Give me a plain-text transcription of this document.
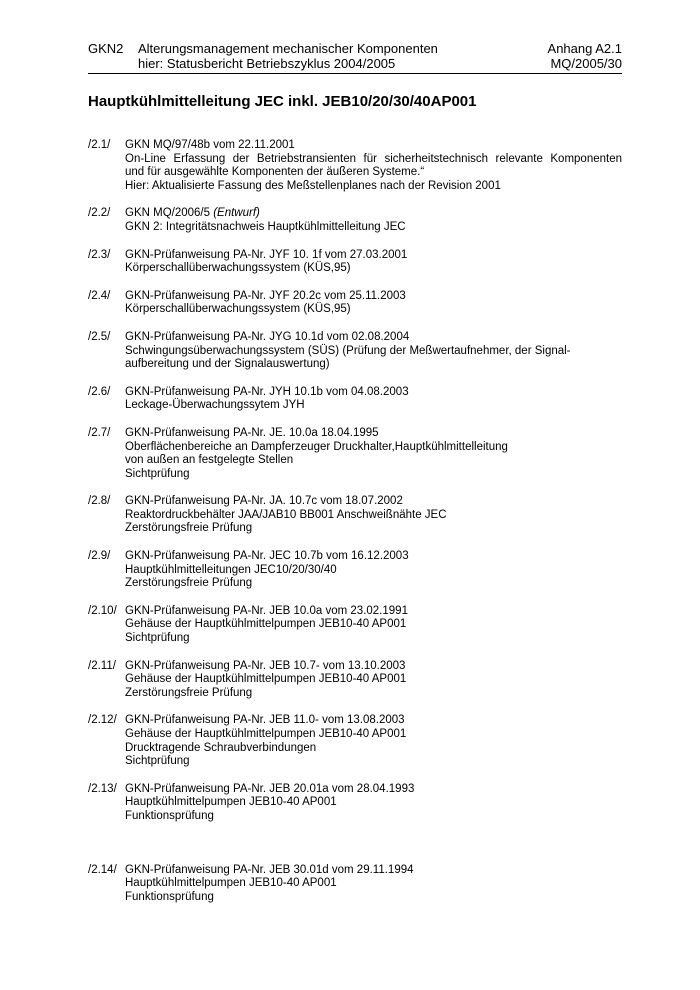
GKN2	Alterungsmanagement mechanischer Komponenten
hier: Statusbericht Betriebszyklus 2004/2005
Anhang A2.1
MQ/2005/30
Hauptkühlmittelleitung JEC inkl. JEB10/20/30/40AP001
/2.1/	GKN MQ/97/48b vom 22.11.2001
On-Line Erfassung der Betriebstransienten für sicherheitstechnisch relevante Komponenten
und für ausgewählte Komponenten der äußeren Systeme.“
Hier: Aktualisierte Fassung des Meßstellenplanes nach der Revision 2001
/2.2/	GKN MQ/2006/5 (Entwurf)
GKN 2: Integritätsnachweis Hauptkühlmittelleitung JEC
/2.3/	GKN-Prüfanweisung PA-Nr. JYF 10. 1f vom 27.03.2001
Körperschallüberwachungssystem (KÜS,95)
/2.4/	GKN-Prüfanweisung PA-Nr. JYF 20.2c vom 25.11.2003
Körperschallüberwachungssystem (KÜS,95)
/2.5/	GKN-Prüfanweisung PA-Nr. JYG 10.1d vom 02.08.2004
Schwingungsüberwachungssystem (SÜS) (Prüfung der Meßwertaufnehmer, der Signal-
aufbereitung und der Signalauswertung)
/2.6/	GKN-Prüfanweisung PA-Nr. JYH 10.1b vom 04.08.2003
Leckage-Überwachungssytem JYH
/2.7/	GKN-Prüfanweisung PA-Nr. JE. 10.0a 18.04.1995
Oberflächenbereiche an Dampferzeuger Druckhalter,Hauptkühlmittelleitung
von außen an festgelegte Stellen
Sichtprüfung
/2.8/	GKN-Prüfanweisung PA-Nr. JA. 10.7c vom 18.07.2002
Reaktordruckbehälter JAA/JAB10 BB001 Anschweißnähte JEC
Zerstörungsfreie Prüfung
/2.9/	GKN-Prüfanweisung PA-Nr. JEC 10.7b vom 16.12.2003
Hauptkühlmittelleitungen JEC10/20/30/40
Zerstörungsfreie Prüfung
/2.10/ GKN-Prüfanweisung PA-Nr. JEB 10.0a vom 23.02.1991
Gehäuse der Hauptkühlmittelpumpen JEB10-40 AP001
Sichtprüfung
/2.11/ GKN-Prüfanweisung PA-Nr. JEB 10.7- vom 13.10.2003
Gehäuse der Hauptkühlmittelpumpen JEB10-40 AP001
Zerstörungsfreie Prüfung
/2.12/ GKN-Prüfanweisung PA-Nr. JEB 11.0- vom 13.08.2003
Gehäuse der Hauptkühlmittelpumpen JEB10-40 AP001
Drucktragende Schraubverbindungen
Sichtprüfung
/2.13/ GKN-Prüfanweisung PA-Nr. JEB 20.01a vom 28.04.1993
Hauptkühlmittelpumpen JEB10-40 AP001
Funktionsprüfung
/2.14/ GKN-Prüfanweisung PA-Nr. JEB 30.01d vom 29.11.1994
Hauptkühlmittelpumpen JEB10-40 AP001
Funktionsprüfung
